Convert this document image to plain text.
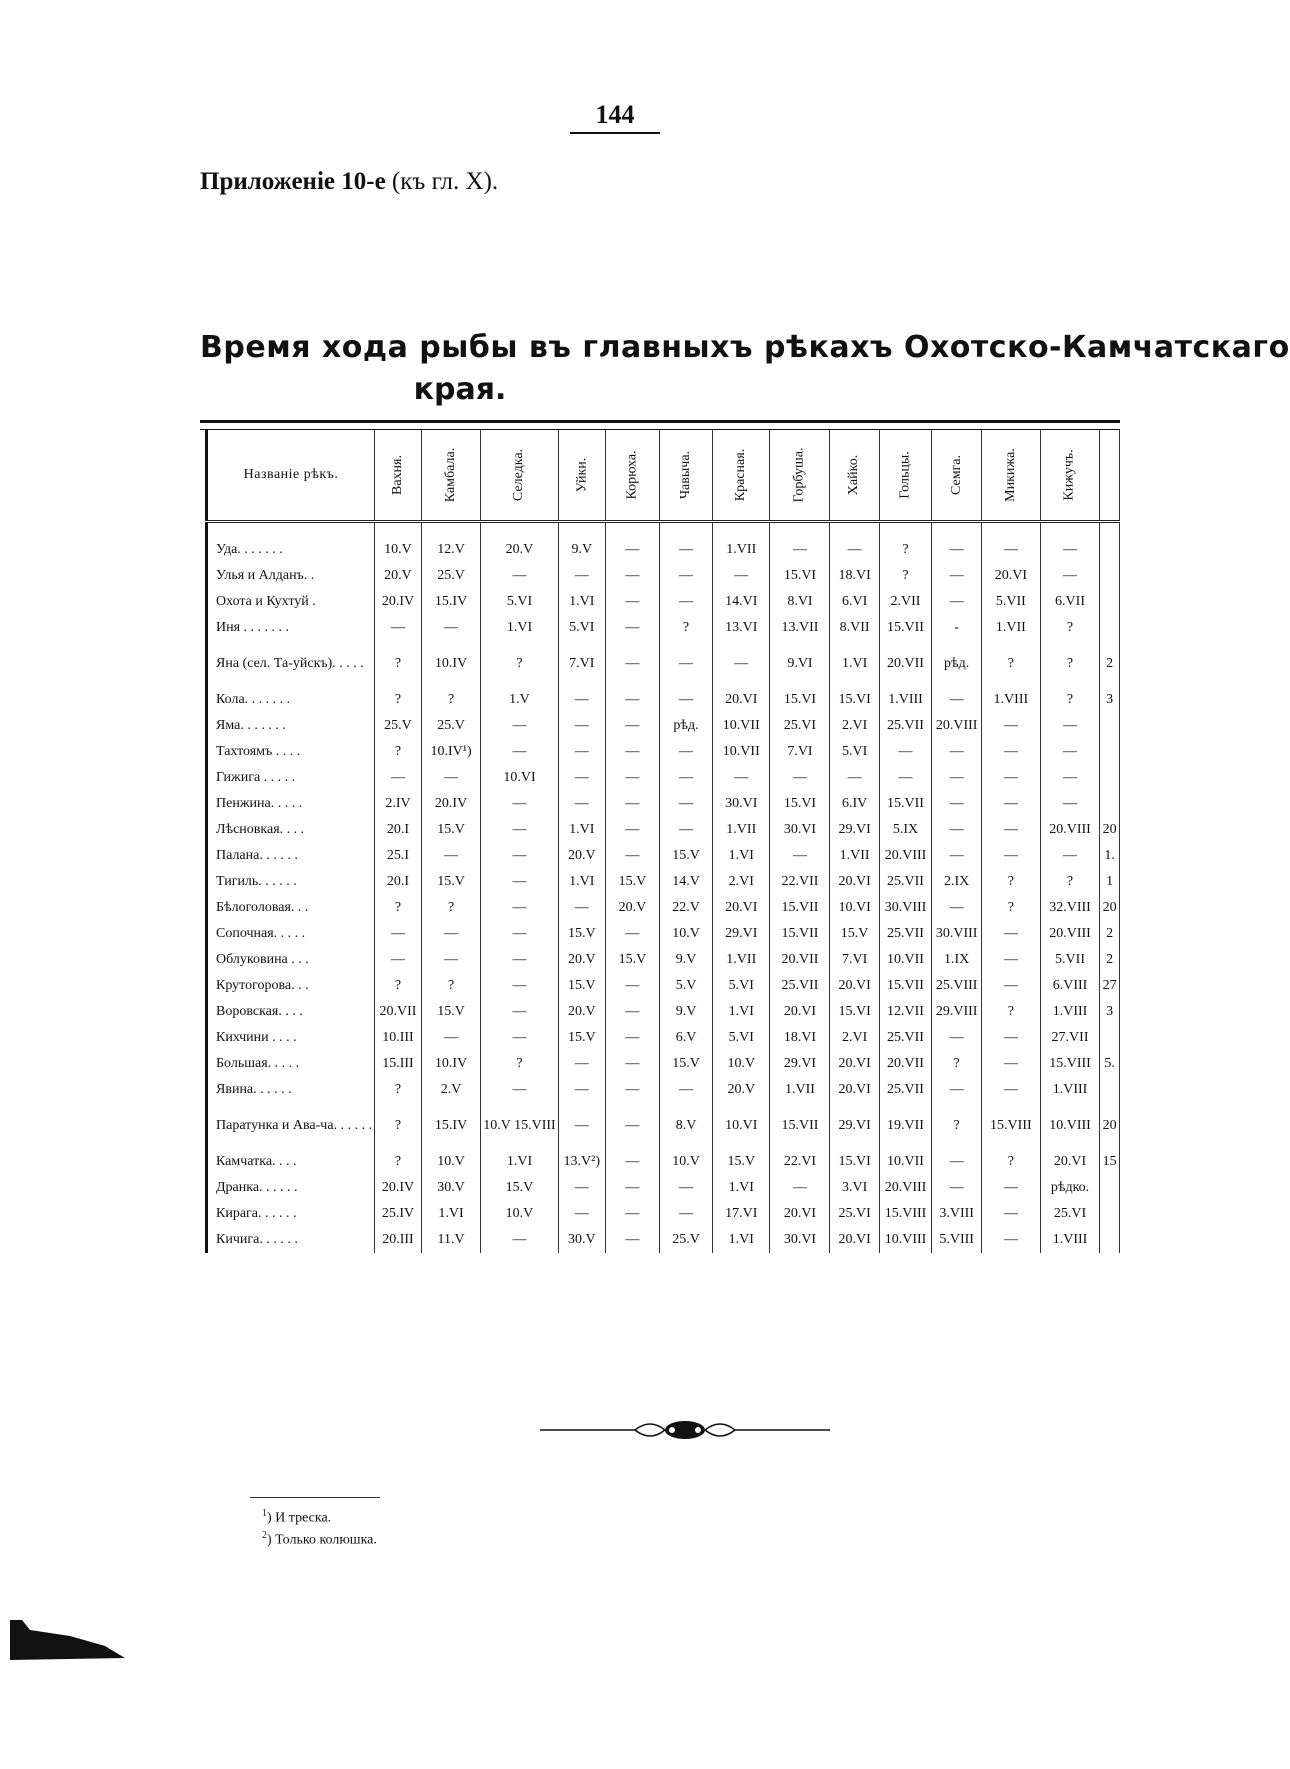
144
Приложеніе 10-е (къ гл. X).
Время хода рыбы въ главныхъ рѣкахъ Охотско-Камчатскаго
края.
Названіе рѣкъ.	Вахня.	Камбала.	Селедка.	Уйки.	Корюха.	Чавыча.	Красная.	Горбуша.	Хайко.	Гольцы.	Семга.	Микижа.	Кижучъ.	
Уда. . . . . . .	10.V	12.V	20.V	9.V	—	—	1.VII	—	—	?	—	—	—	
Улья и Алданъ. .	20.V	25.V	—	—	—	—	—	15.VI	18.VI	?	—	20.VI	—	
Охота и Кухтуй .	20.IV	15.IV	5.VI	1.VI	—	—	14.VI	8.VI	6.VI	2.VII	—	5.VII	6.VII	
Иня . . . . . . .	—	—	1.VI	5.VI	—	?	13.VI	13.VII	8.VII	15.VII	-	1.VII	?	
Яна (сел. Та-уйскъ). . . . .	?	10.IV	?	7.VI	—	—	—	9.VI	1.VI	20.VII	рѣд.	?	?	2
Кола. . . . . . .	?	?	1.V	—	—	—	20.VI	15.VI	15.VI	1.VIII	—	1.VIII	?	3
Яма. . . . . . .	25.V	25.V	—	—	—	рѣд.	10.VII	25.VI	2.VI	25.VII	20.VIII	—	—	
Тахтоямъ . . . .	?	10.IV¹)	—	—	—	—	10.VII	7.VI	5.VI	—	—	—	—	
Гижига . . . . .	—	—	10.VI	—	—	—	—	—	—	—	—	—	—	
Пенжина. . . . .	2.IV	20.IV	—	—	—	—	30.VI	15.VI	6.IV	15.VII	—	—	—	
Лѣсновкая. . . .	20.I	15.V	—	1.VI	—	—	1.VII	30.VI	29.VI	5.IX	—	—	20.VIII	20
Палана. . . . . .	25.I	—	—	20.V	—	15.V	1.VI	—	1.VII	20.VIII	—	—	—	1.
Тигиль. . . . . .	20.I	15.V	—	1.VI	15.V	14.V	2.VI	22.VII	20.VI	25.VII	2.IX	?	?	1
Бѣлоголовая. . .	?	?	—	—	20.V	22.V	20.VI	15.VII	10.VI	30.VIII	—	?	32.VIII	20
Сопочная. . . . .	—	—	—	15.V	—	10.V	29.VI	15.VII	15.V	25.VII	30.VIII	—	20.VIII	2
Облуковина . . .	—	—	—	20.V	15.V	9.V	1.VII	20.VII	7.VI	10.VII	1.IX	—	5.VII	2
Крутогорова. . .	?	?	—	15.V	—	5.V	5.VI	25.VII	20.VI	15.VII	25.VIII	—	6.VIII	27
Воровская. . . .	20.VII	15.V	—	20.V	—	9.V	1.VI	20.VI	15.VI	12.VII	29.VIII	?	1.VIII	3
Кихчини . . . .	10.III	—	—	15.V	—	6.V	5.VI	18.VI	2.VI	25.VII	—	—	27.VII	
Большая. . . . .	15.III	10.IV	?	—	—	15.V	10.V	29.VI	20.VI	20.VII	?	—	15.VIII	5.
Явина. . . . . .	?	2.V	—	—	—	—	20.V	1.VII	20.VI	25.VII	—	—	1.VIII	
Паратунка и Ава-ча. . . . . .	?	15.IV	10.V 15.VIII	—	—	8.V	10.VI	15.VII	29.VI	19.VII	?	15.VIII	10.VIII	20
Камчатка. . . .	?	10.V	1.VI	13.V²)	—	10.V	15.V	22.VI	15.VI	10.VII	—	?	20.VI	15
Дранка. . . . . .	20.IV	30.V	15.V	—	—	—	1.VI	—	3.VI	20.VIII	—	—	рѣдко.	
Кирага. . . . . .	25.IV	1.VI	10.V	—	—	—	17.VI	20.VI	25.VI	15.VIII	3.VIII	—	25.VI	
Кичига. . . . . .	20.III	11.V	—	30.V	—	25.V	1.VI	30.VI	20.VI	10.VIII	5.VIII	—	1.VIII	
$^1$) И треска.
$^2$) Только колюшка.
